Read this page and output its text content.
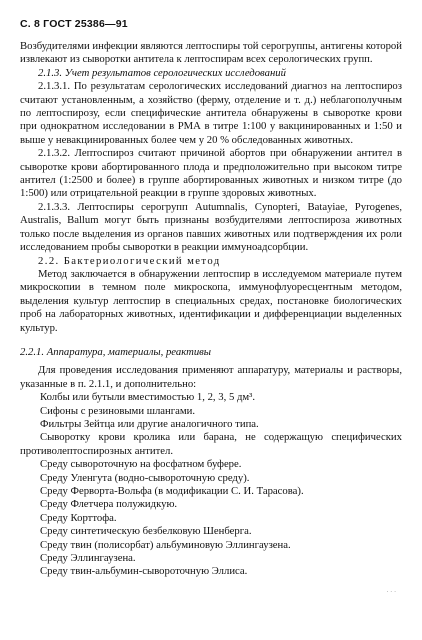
С. 8 ГОСТ 25386—91

Возбудителями инфекции являются лептоспиры той серогруппы, антигены которой извлекают из сыворотки антитела к лептоспирам всех серологических групп.

2.1.3. Учет результатов серологических исследований

2.1.3.1. По результатам серологических исследований диагноз на лептоспироз считают установленным, а хозяйство (ферму, отделение и т. д.) неблагополучным по лептоспирозу, если специфические антитела обнаружены в сыворотке крови при однократном исследовании в РМА в титре 1:100 у вакцинированных и 1:50 и выше у невакцинированных более чем у 20 % обследованных животных.

2.1.3.2. Лептоспироз считают причиной абортов при обнаружении антител в сыворотке крови абортированного плода и предположительно при высоком титре антител (1:2500 и более) в группе абортированных животных и низком титре (до 1:500) или отрицательной реакции в группе здоровых животных.

2.1.3.3. Лептоспиры серогрупп Autumnalis, Cynopteri, Batayiae, Pyrogenes, Australis, Ballum могут быть признаны возбудителями лептоспироза животных только после выделения из органов павших животных или подтверждения их роли исследованием пробы сыворотки в реакции иммуноадсорбции.

2.2. Бактериологический метод

Метод заключается в обнаружении лептоспир в исследуемом материале путем микроскопии в темном поле микроскопа, иммунофлуоресцентным методом, выделения культур лептоспир в специальных средах, постановке биологических проб на лабораторных животных, идентификации и дифференциации выделенных культур.

2.2.1. Аппаратура, материалы, реактивы

Для проведения исследования применяют аппаратуру, материалы и растворы, указанные в п. 2.1.1, и дополнительно:

Колбы или бутыли вместимостью 1, 2, 3, 5 дм³.

Сифоны с резиновыми шлангами.

Фильтры Зейтца или другие аналогичного типа.

Сыворотку крови кролика или барана, не содержащую специфических противолептоспирозных антител.

Среду сывороточную на фосфатном буфере.

Среду Уленгута (водно-сывороточную среду).

Среду Ферворта-Вольфа (в модификации С. И. Тарасова).

Среду Флетчера полужидкую.

Среду Корттофа.

Среду синтетическую безбелковую Шенберга.

Среду твин (полисорбат) альбуминовую Эллингаузена.

Среду Эллингаузена.

Среду твин-альбумин-сывороточную Эллиса.

· · ·
